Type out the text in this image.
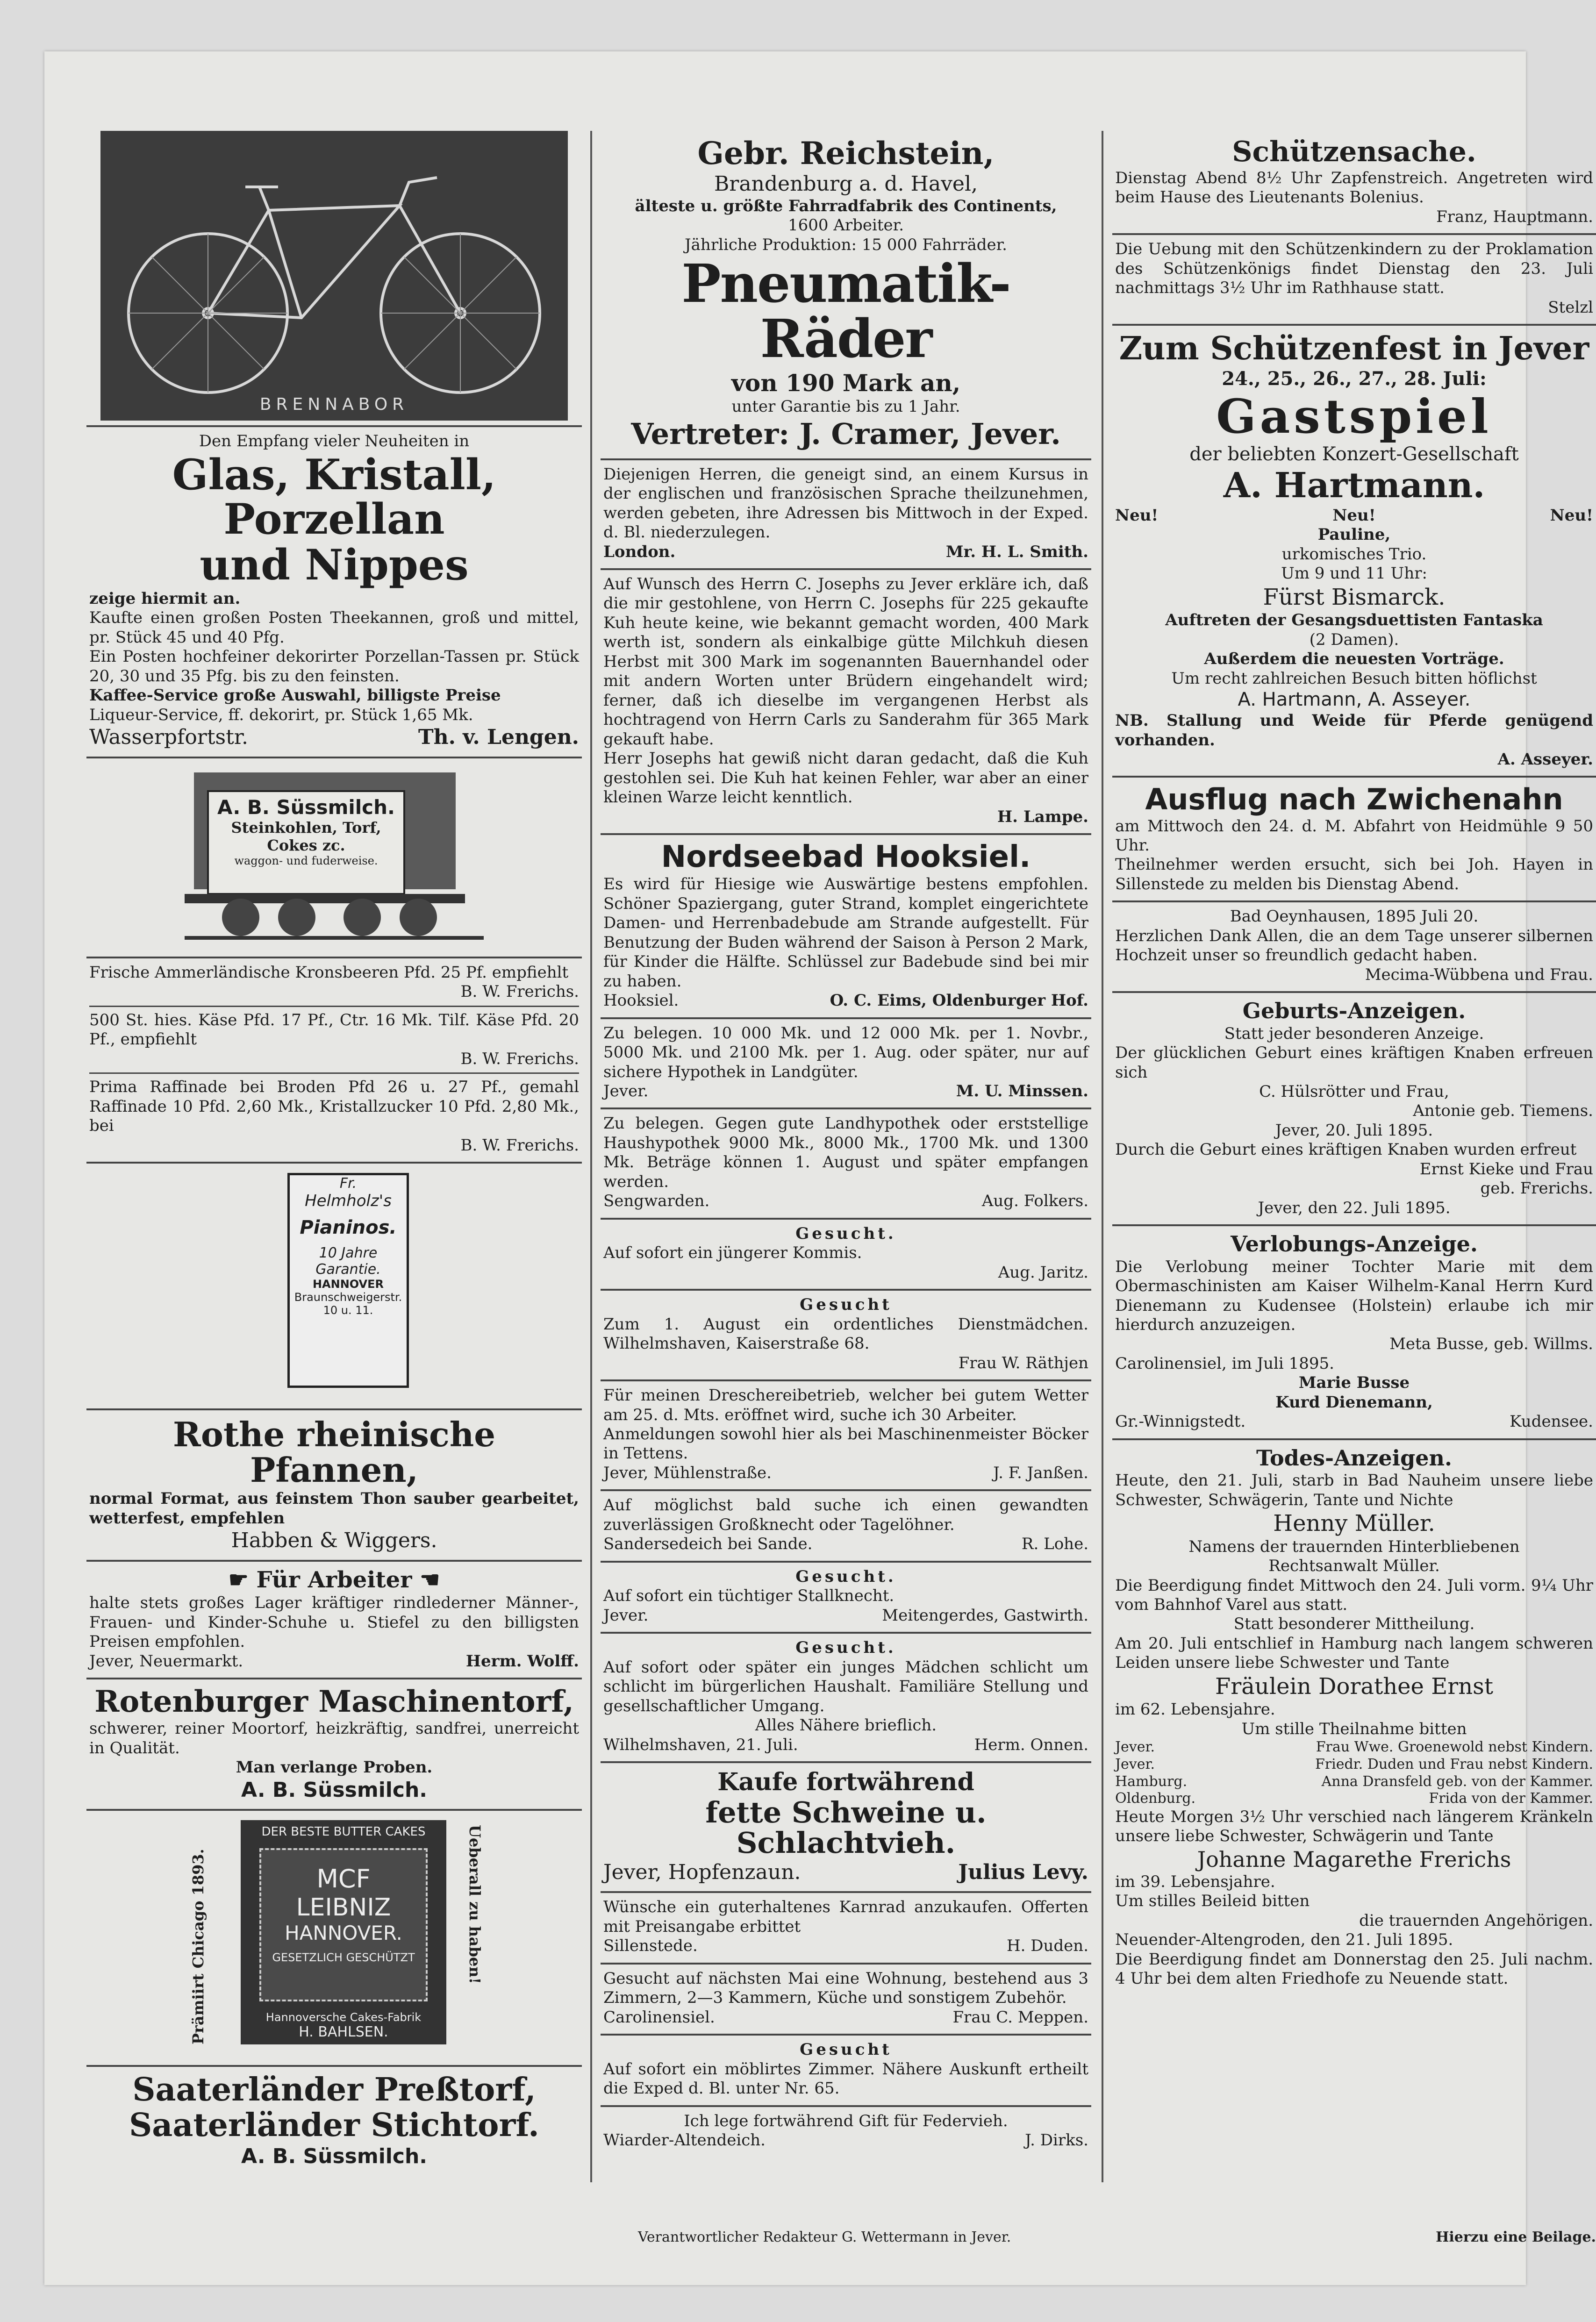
BRENNABOR

Den Empfang vieler Neuheiten in

Glas, Kristall, Porzellan
und Nippes

zeige hiermit an.

Kaufte einen großen Posten Theekannen, groß und mittel, pr. Stück 45 und 40 Pfg.

Ein Posten hochfeiner dekorirter Porzellan-Tassen pr. Stück 20, 30 und 35 Pfg. bis zu den feinsten.

Kaffee-Service große Auswahl, billigste Preise

Liqueur-Service, ff. dekorirt, pr. Stück 1,65 Mk.

Wasserpfortstr.	Th. v. Lengen.
A. B. Süssmilch.
Steinkohlen, Torf,
Cokes zc.
waggon- und fuderweise.

Frische Ammerländische Kronsbeeren Pfd. 25 Pf. empfiehlt

B. W. Frerichs.

500 St. hies. Käse Pfd. 17 Pf., Ctr. 16 Mk. Tilf. Käse Pfd. 20 Pf., empfiehlt

B. W. Frerichs.

Prima Raffinade bei Broden Pfd 26 u. 27 Pf., gemahl Raffinade 10 Pfd. 2,60 Mk., Kristallzucker 10 Pfd. 2,80 Mk., bei

B. W. Frerichs.

Fr.
Helmholz's
Pianinos.
10 Jahre
Garantie.
HANNOVER
Braunschweigerstr.
10 u. 11.
Rothe rheinische Pfannen,

normal Format, aus feinstem Thon sauber gearbeitet, wetterfest, empfehlen

Habben & Wiggers.

☛ Für Arbeiter ☚

halte stets großes Lager kräftiger rindlederner Männer-, Frauen- und Kinder-Schuhe u. Stiefel zu den billigsten Preisen empfohlen.

Jever, Neuermarkt.	Herm. Wolff.
Rotenburger Maschinentorf,

schwerer, reiner Moortorf, heizkräftig, sandfrei, unerreicht in Qualität.

Man verlange Proben.

A. B. Süssmilch.

DER BESTE BUTTER CAKES
MCF
LEIBNIZ
HANNOVER.
GESETZLICH GESCHÜTZT
Hannoversche Cakes-Fabrik
H. BAHLSEN.
Prämiirt Chicago 1893.	Ueberall zu haben!
Saaterländer Preßtorf,
Saaterländer Stichtorf.

A. B. Süssmilch.

Gebr. Reichstein,

Brandenburg a. d. Havel,

älteste u. größte Fahrradfabrik des Continents,

1600 Arbeiter.

Jährliche Produktion: 15 000 Fahrräder.

Pneumatik-Räder

von 190 Mark an,

unter Garantie bis zu 1 Jahr.

Vertreter: J. Cramer, Jever.

Diejenigen Herren, die geneigt sind, an einem Kursus in der englischen und französischen Sprache theilzunehmen, werden gebeten, ihre Adressen bis Mittwoch in der Exped. d. Bl. niederzulegen.

London.	Mr. H. L. Smith.

Auf Wunsch des Herrn C. Josephs zu Jever erkläre ich, daß die mir gestohlene, von Herrn C. Josephs für 225 gekaufte Kuh heute keine, wie bekannt gemacht worden, 400 Mark werth ist, sondern als einkalbige gütte Milchkuh diesen Herbst mit 300 Mark im sogenannten Bauernhandel oder mit andern Worten unter Brüdern eingehandelt wird; ferner, daß ich dieselbe im vergangenen Herbst als hochtragend von Herrn Carls zu Sanderahm für 365 Mark gekauft habe.

Herr Josephs hat gewiß nicht daran gedacht, daß die Kuh gestohlen sei. Die Kuh hat keinen Fehler, war aber an einer kleinen Warze leicht kenntlich.

H. Lampe.

Nordseebad Hooksiel.

Es wird für Hiesige wie Auswärtige bestens empfohlen. Schöner Spaziergang, guter Strand, komplet eingerichtete Damen- und Herrenbadebude am Strande aufgestellt. Für Benutzung der Buden während der Saison à Person 2 Mark, für Kinder die Hälfte. Schlüssel zur Badebude sind bei mir zu haben.

Hooksiel.	O. C. Eims, Oldenburger Hof.

Zu belegen. 10 000 Mk. und 12 000 Mk. per 1. Novbr., 5000 Mk. und 2100 Mk. per 1. Aug. oder später, nur auf sichere Hypothek in Landgüter.

Jever.	M. U. Minssen.

Zu belegen. Gegen gute Landhypothek oder erststellige Haushypothek 9000 Mk., 8000 Mk., 1700 Mk. und 1300 Mk. Beträge können 1. August und später empfangen werden.

Sengwarden.	Aug. Folkers.

Gesucht.

Auf sofort ein jüngerer Kommis.

Aug. Jaritz.

Gesucht

Zum 1. August ein ordentliches Dienstmädchen. Wilhelmshaven, Kaiserstraße 68.

Frau W. Räthjen

Für meinen Dreschereibetrieb, welcher bei gutem Wetter am 25. d. Mts. eröffnet wird, suche ich 30 Arbeiter.

Anmeldungen sowohl hier als bei Maschinenmeister Böcker in Tettens.

Jever, Mühlenstraße.	J. F. Janßen.

Auf möglichst bald suche ich einen gewandten zuverlässigen Großknecht oder Tagelöhner.

Sandersedeich bei Sande.	R. Lohe.

Gesucht.

Auf sofort ein tüchtiger Stallknecht.

Jever.	Meitengerdes, Gastwirth.

Gesucht.

Auf sofort oder später ein junges Mädchen schlicht um schlicht im bürgerlichen Haushalt. Familiäre Stellung und gesellschaftlicher Umgang.

Alles Nähere brieflich.

Wilhelmshaven, 21. Juli.	Herm. Onnen.
Kaufe fortwährend
fette Schweine u. Schlachtvieh.
Jever, Hopfenzaun.	Julius Levy.

Wünsche ein guterhaltenes Karnrad anzukaufen. Offerten mit Preisangabe erbittet

Sillenstede.	H. Duden.

Gesucht auf nächsten Mai eine Wohnung, bestehend aus 3 Zimmern, 2—3 Kammern, Küche und sonstigem Zubehör.

Carolinensiel.	Frau C. Meppen.

Gesucht

Auf sofort ein möblirtes Zimmer. Nähere Auskunft ertheilt die Exped d. Bl. unter Nr. 65.

Ich lege fortwährend Gift für Federvieh.

Wiarder-Altendeich.	J. Dirks.
Schützensache.

Dienstag Abend 8½ Uhr Zapfenstreich. Angetreten wird beim Hause des Lieutenants Bolenius.

Franz, Hauptmann.

Die Uebung mit den Schützenkindern zu der Proklamation des Schützenkönigs findet Dienstag den 23. Juli nachmittags 3½ Uhr im Rathhause statt.

Stelzl

Zum Schützenfest in Jever

24., 25., 26., 27., 28. Juli:

Gastspiel

der beliebten Konzert-Gesellschaft

A. Hartmann.
Neu!	Neu!	Neu!

Pauline,

urkomisches Trio.

Um 9 und 11 Uhr:

Fürst Bismarck.

Auftreten der Gesangsduettisten Fantaska

(2 Damen).

Außerdem die neuesten Vorträge.

Um recht zahlreichen Besuch bitten höflichst

A. Hartmann, A. Asseyer.

NB. Stallung und Weide für Pferde genügend vorhanden.

A. Asseyer.

Ausflug nach Zwichenahn

am Mittwoch den 24. d. M. Abfahrt von Heidmühle 9 50 Uhr.

Theilnehmer werden ersucht, sich bei Joh. Hayen in Sillenstede zu melden bis Dienstag Abend.

Bad Oeynhausen, 1895 Juli 20.

Herzlichen Dank Allen, die an dem Tage unserer silbernen Hochzeit unser so freundlich gedacht haben.

Mecima-Wübbena und Frau.

Geburts-Anzeigen.

Statt jeder besonderen Anzeige.

Der glücklichen Geburt eines kräftigen Knaben erfreuen sich

C. Hülsrötter und Frau,

Antonie geb. Tiemens.

Jever, 20. Juli 1895.

Durch die Geburt eines kräftigen Knaben wurden erfreut

Ernst Kieke und Frau

geb. Frerichs.

Jever, den 22. Juli 1895.

Verlobungs-Anzeige.

Die Verlobung meiner Tochter Marie mit dem Obermaschinisten am Kaiser Wilhelm-Kanal Herrn Kurd Dienemann zu Kudensee (Holstein) erlaube ich mir hierdurch anzuzeigen.

Meta Busse, geb. Willms.

Carolinensiel, im Juli 1895.

Marie Busse

Kurd Dienemann,

Gr.-Winnigstedt.	Kudensee.
Todes-Anzeigen.

Heute, den 21. Juli, starb in Bad Nauheim unsere liebe Schwester, Schwägerin, Tante und Nichte

Henny Müller.

Namens der trauernden Hinterbliebenen

Rechtsanwalt Müller.

Die Beerdigung findet Mittwoch den 24. Juli vorm. 9¼ Uhr vom Bahnhof Varel aus statt.

Statt besonderer Mittheilung.

Am 20. Juli entschlief in Hamburg nach langem schweren Leiden unsere liebe Schwester und Tante

Fräulein Dorathee Ernst

im 62. Lebensjahre.

Um stille Theilnahme bitten

Jever.	Frau Wwe. Groenewold nebst Kindern.
Jever.	Friedr. Duden und Frau nebst Kindern.
Hamburg.	Anna Dransfeld geb. von der Kammer.
Oldenburg.	Frida von der Kammer.

Heute Morgen 3½ Uhr verschied nach längerem Kränkeln unsere liebe Schwester, Schwägerin und Tante

Johanne Magarethe Frerichs

im 39. Lebensjahre.

Um stilles Beileid bitten

die trauernden Angehörigen.

Neuender-Altengroden, den 21. Juli 1895.

Die Beerdigung findet am Donnerstag den 25. Juli nachm. 4 Uhr bei dem alten Friedhofe zu Neuende statt.

Verantwortlicher Redakteur G. Wettermann in Jever.	Hierzu eine Beilage.
